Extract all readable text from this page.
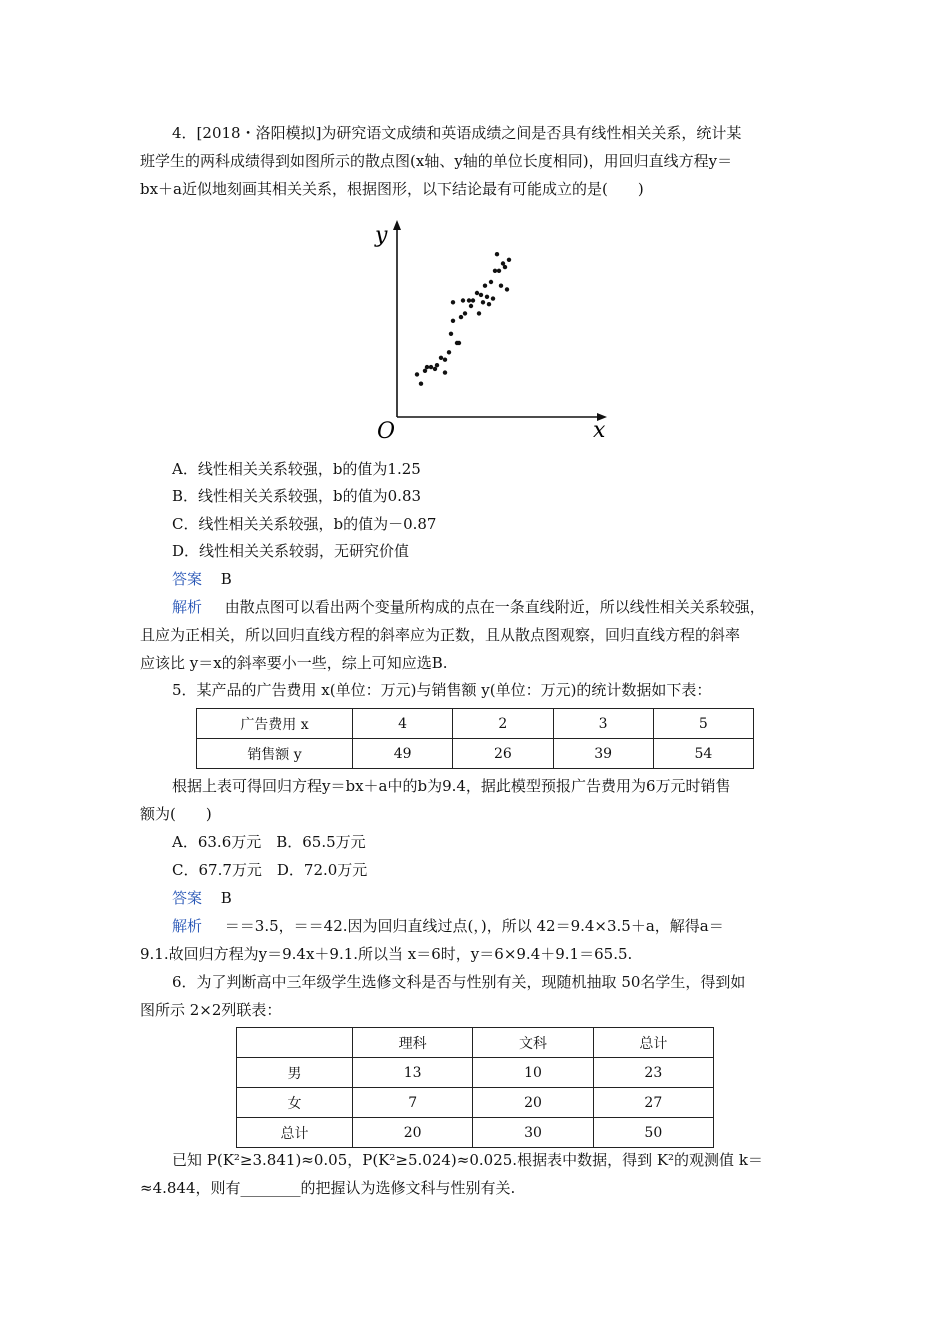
4．[2018・洛阳模拟]为研究语文成绩和英语成绩之间是否具有线性相关关系，统计某
班学生的两科成绩得到如图所示的散点图(x轴、y轴的单位长度相同)，用回归直线方程y＝
bx＋a近似地刻画其相关关系，根据图形，以下结论最有可能成立的是(　　)
y
x
O
A．线性相关关系较强，b的值为1.25
B．线性相关关系较强，b的值为0.83
C．线性相关关系较强，b的值为－0.87
D．线性相关关系较弱，无研究价值
答案 B
解析 由散点图可以看出两个变量所构成的点在一条直线附近，所以线性相关关系较强，
且应为正相关，所以回归直线方程的斜率应为正数，且从散点图观察，回归直线方程的斜率
应该比 y＝x的斜率要小一些，综上可知应选B.
5．某产品的广告费用 x(单位：万元)与销售额 y(单位：万元)的统计数据如下表：
广告费用 x	4	2	3	5
销售额 y	49	26	39	54
根据上表可得回归方程y＝bx＋a中的b为9.4，据此模型预报广告费用为6万元时销售
额为(　　)
A．63.6万元　B．65.5万元
C．67.7万元　D．72.0万元
答案 B
解析 ＝＝3.5，＝＝42.因为回归直线过点(，)，所以 42＝9.4×3.5＋a，解得a＝
9.1.故回归方程为y＝9.4x＋9.1.所以当 x＝6时，y＝6×9.4＋9.1＝65.5.
6．为了判断高中三年级学生选修文科是否与性别有关，现随机抽取 50名学生，得到如
图所示 2×2列联表：
	理科	文科	总计
男	13	10	23
女	7	20	27
总计	20	30	50
已知 P(K²≥3.841)≈0.05，P(K²≥5.024)≈0.025.根据表中数据，得到 K²的观测值 k＝
≈4.844，则有________的把握认为选修文科与性别有关.
